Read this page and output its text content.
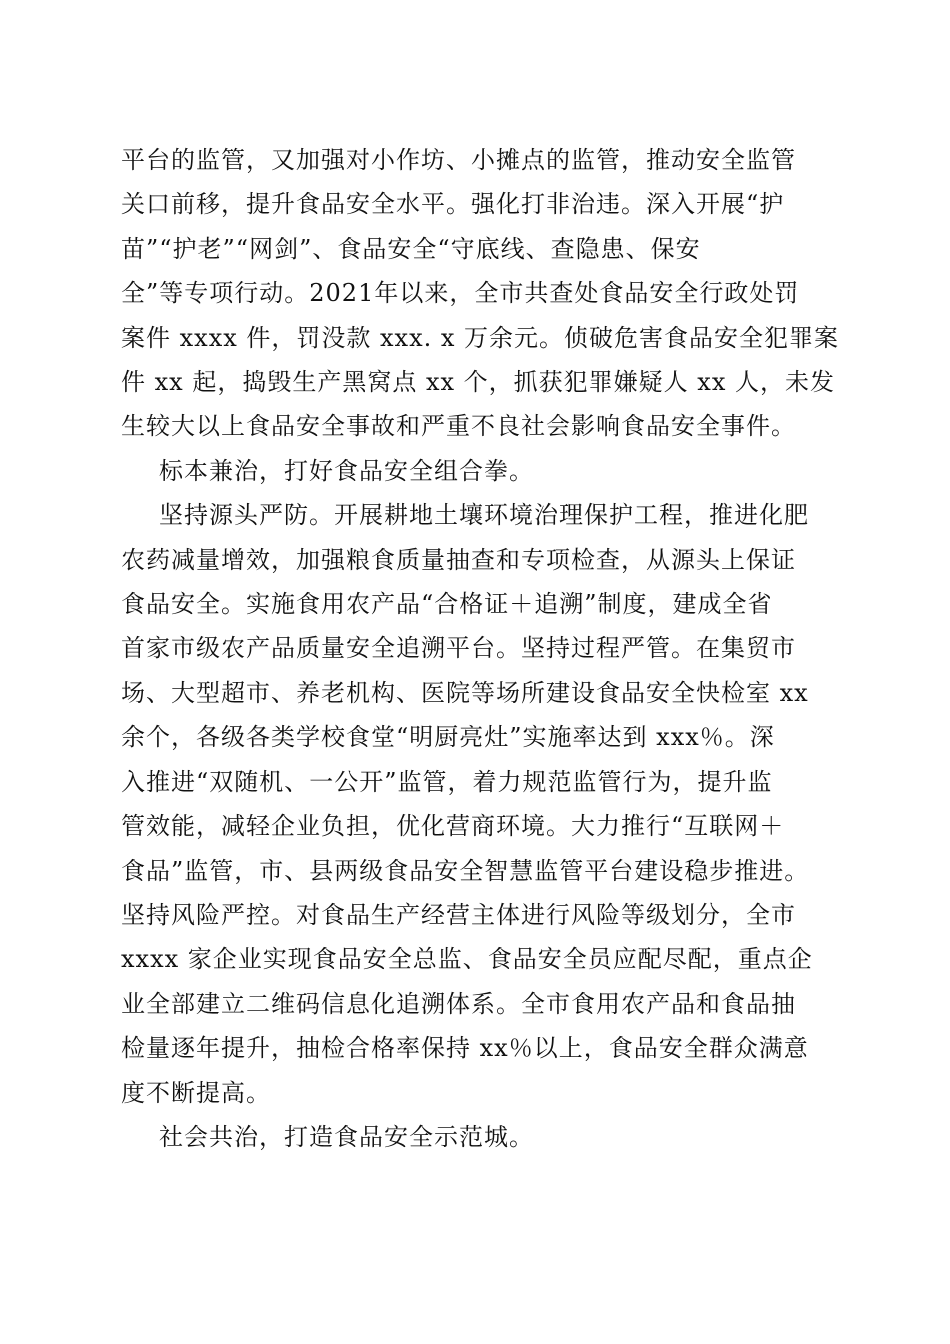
平台的监管，又加强对小作坊、小摊点的监管，推动安全监管
关口前移，提升食品安全水平。强化打非治违。深入开展“护
苗”“护老”“网剑”、食品安全“守底线、查隐患、保安
全”等专项行动。2021年以来，全市共查处食品安全行政处罚
案件 xxxx 件，罚没款 xxx. x 万余元。侦破危害食品安全犯罪案
件 xx 起，捣毁生产黑窝点 xx 个，抓获犯罪嫌疑人 xx 人，未发
生较大以上食品安全事故和严重不良社会影响食品安全事件。
标本兼治，打好食品安全组合拳。
坚持源头严防。开展耕地土壤环境治理保护工程，推进化肥
农药减量增效，加强粮食质量抽查和专项检查，从源头上保证
食品安全。实施食用农产品“合格证＋追溯”制度，建成全省
首家市级农产品质量安全追溯平台。坚持过程严管。在集贸市
场、大型超市、养老机构、医院等场所建设食品安全快检室 xx
余个，各级各类学校食堂“明厨亮灶”实施率达到 xxx％。深
入推进“双随机、一公开”监管，着力规范监管行为，提升监
管效能，减轻企业负担，优化营商环境。大力推行“互联网＋
食品”监管，市、县两级食品安全智慧监管平台建设稳步推进。
坚持风险严控。对食品生产经营主体进行风险等级划分，全市
xxxx 家企业实现食品安全总监、食品安全员应配尽配，重点企
业全部建立二维码信息化追溯体系。全市食用农产品和食品抽
检量逐年提升，抽检合格率保持 xx％以上，食品安全群众满意
度不断提高。
社会共治，打造食品安全示范城。
